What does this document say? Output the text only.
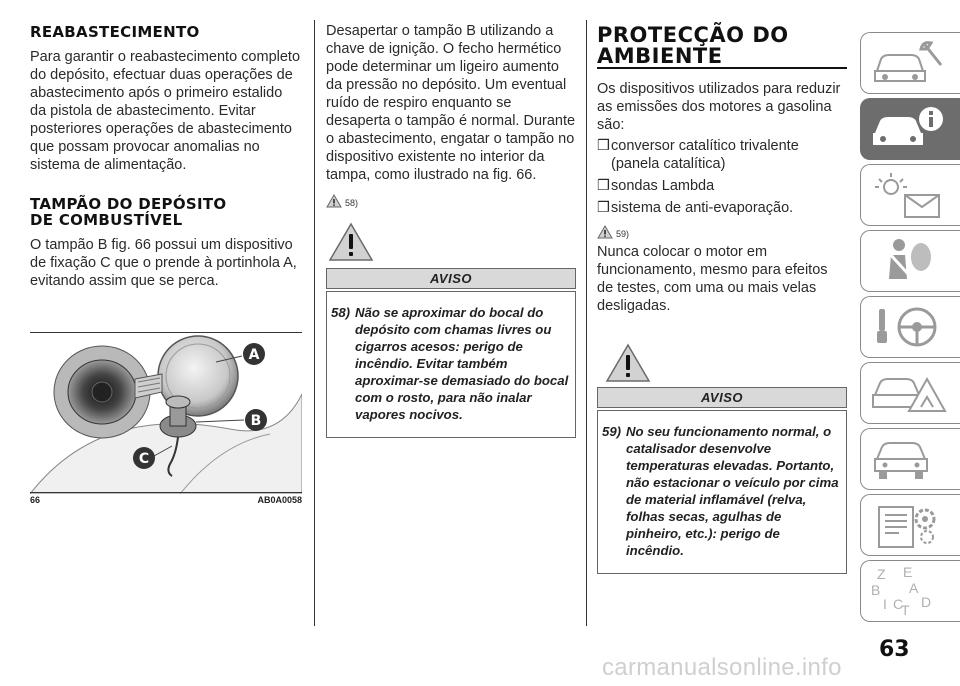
REABASTECIMENTO

Para garantir o reabastecimento completo do depósito, efectuar duas operações de abastecimento após o primeiro estalido da pistola de abastecimento. Evitar posteriores operações de abastecimento que possam provocar anomalias no sistema de alimentação.

TAMPÃO DO DEPÓSITO
DE COMBUSTÍVEL

O tampão B fig. 66 possui um dispositivo de fixação C que o prende à portinhola A, evitando assim que se perca.

A
B
C
66	AB0A0058

Desapertar o tampão B utilizando a chave de ignição. O fecho hermético pode determinar um ligeiro aumento da pressão no depósito. Um eventual ruído de respiro enquanto se desaperta o tampão é normal. Durante o abastecimento, engatar o tampão no dispositivo existente no interior da tampa, como ilustrado na fig. 66.

58)
AVISO
58) Não se aproximar do bocal do depósito com chamas livres ou cigarros acesos: perigo de incêndio. Evitar também aproximar-se demasiado do bocal com o rosto, para não inalar vapores nocivos.
PROTECÇÃO DO
AMBIENTE

Os dispositivos utilizados para reduzir as emissões dos motores a gasolina são:

❒ conversor catalítico trivalente (panela catalítica)
❒ sondas Lambda
❒ sistema de anti-evaporação.
59)

Nunca colocar o motor em funcionamento, mesmo para efeitos de testes, com uma ou mais velas desligadas.

AVISO
59) No seu funcionamento normal, o catalisador desenvolve temperaturas elevadas. Portanto, não estacionar o veículo por cima de material inflamável (relva, folhas secas, agulhas de pinheiro, etc.): perigo de incêndio.
Z E
B A
I C
T D
63
carmanualsonline.info
